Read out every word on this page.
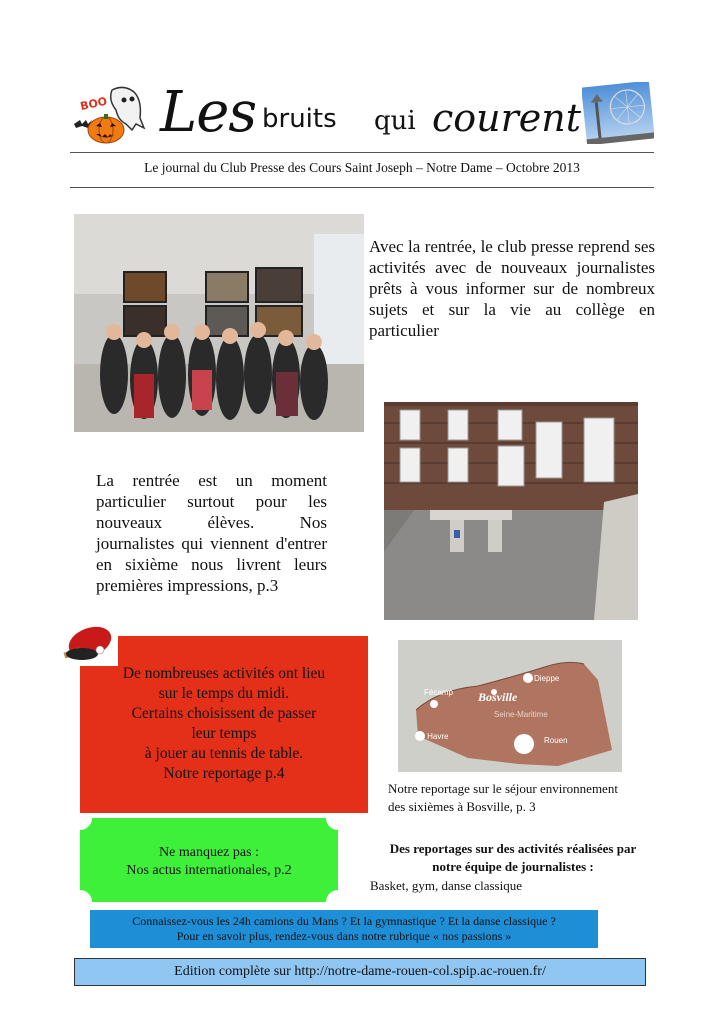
BOO Les bruits qui courent
Le journal du Club Presse des Cours Saint Joseph – Notre Dame – Octobre 2013
Avec la rentrée, le club presse reprend ses activités avec de nouveaux journalistes prêts à vous informer sur de nombreux sujets et sur la vie au collège en particulier
La rentrée est un moment particulier surtout pour les nouveaux élèves. Nos journalistes qui viennent d'entrer en sixième nous livrent leurs premières impressions, p.3
De nombreuses activités ont lieu
sur le temps du midi.
Certains choisissent de passer
leur temps
à jouer au tennis de table.
Notre reportage p.4
Fécamp
Dieppe
Bosville
Seine-Maritime
Le Havre	Rouen
Notre reportage sur le séjour environnement
des sixièmes à Bosville, p. 3
Ne manquez pas :
Nos actus internationales, p.2
Des reportages sur des activités réalisées par
notre équipe de journalistes :
Basket, gym, danse classique
Connaissez-vous les 24h camions du Mans ? Et la gymnastique ? Et la danse classique ?
Pour en savoir plus, rendez-vous dans notre rubrique « nos passions »
Edition complète sur http://notre-dame-rouen-col.spip.ac-rouen.fr/
